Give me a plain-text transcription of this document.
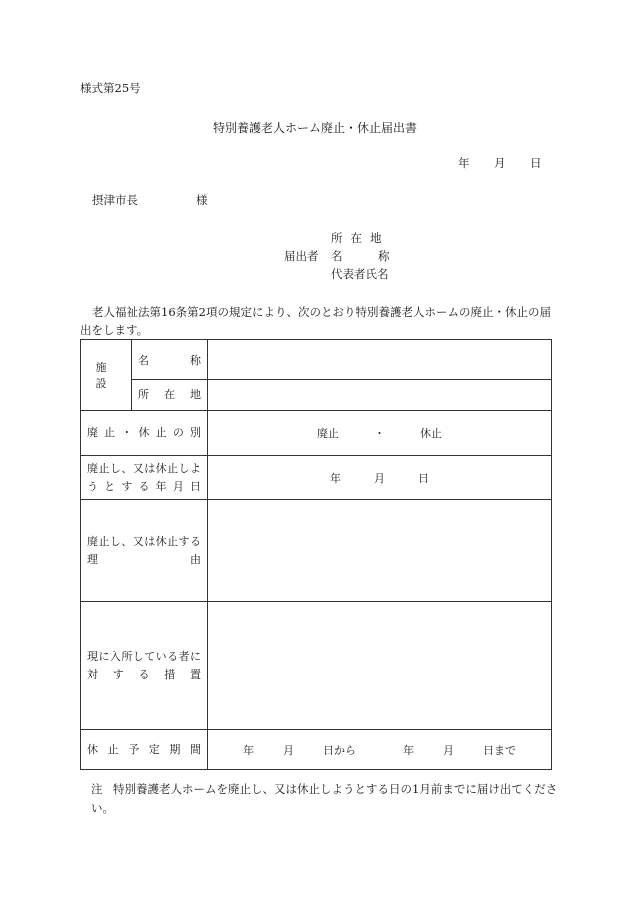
様式第25号
特別養護老人ホーム廃止・休止届出書
年 月 日
摂津市長	様
所在地
届出者 名	称
代表者氏名
老人福祉法第16条第2項の規定により、次のとおり特別養護老人ホームの廃止・休止の届出をします。
施設	名 称	

	所在地	
廃止・休止の別		廃止 ・ 休止
廃止し、又は休止しようとする年月日		年 月 日
廃止し、又は休止する理由		
現に入所している者に対する措置		
休止予定期間		年 月 日から 年 月 日まで
注 特別養護老人ホームを廃止し、又は休止しようとする日の1月前までに届け出てください。
